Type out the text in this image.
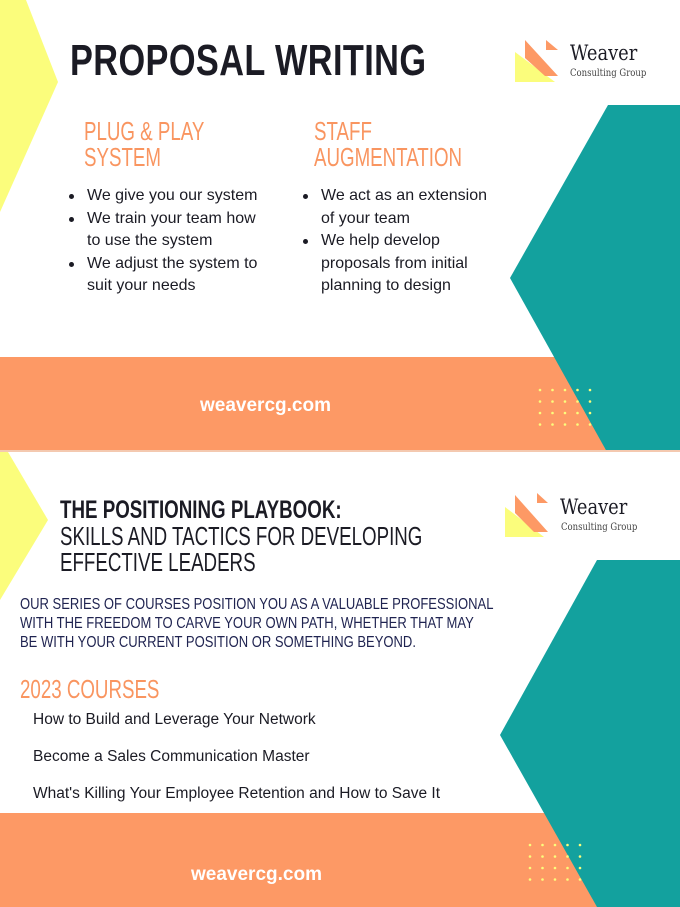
PROPOSAL WRITING	Weaver
Consulting Group
PLUG & PLAY
SYSTEM
STAFF
AUGMENTATION
We give you our system
We train your team how to use the system
We adjust the system to suit your needs
We act as an extension of your team
We help develop proposals from initial planning to design
weavercg.com
THE POSITIONING PLAYBOOK:
SKILLS AND TACTICS FOR DEVELOPING
EFFECTIVE LEADERS
Weaver
Consulting Group
OUR SERIES OF COURSES POSITION YOU AS A VALUABLE PROFESSIONAL
WITH THE FREEDOM TO CARVE YOUR OWN PATH, WHETHER THAT MAY
BE WITH YOUR CURRENT POSITION OR SOMETHING BEYOND.
2023 COURSES
How to Build and Leverage Your Network
Become a Sales Communication Master
What's Killing Your Employee Retention and How to Save It
weavercg.com
